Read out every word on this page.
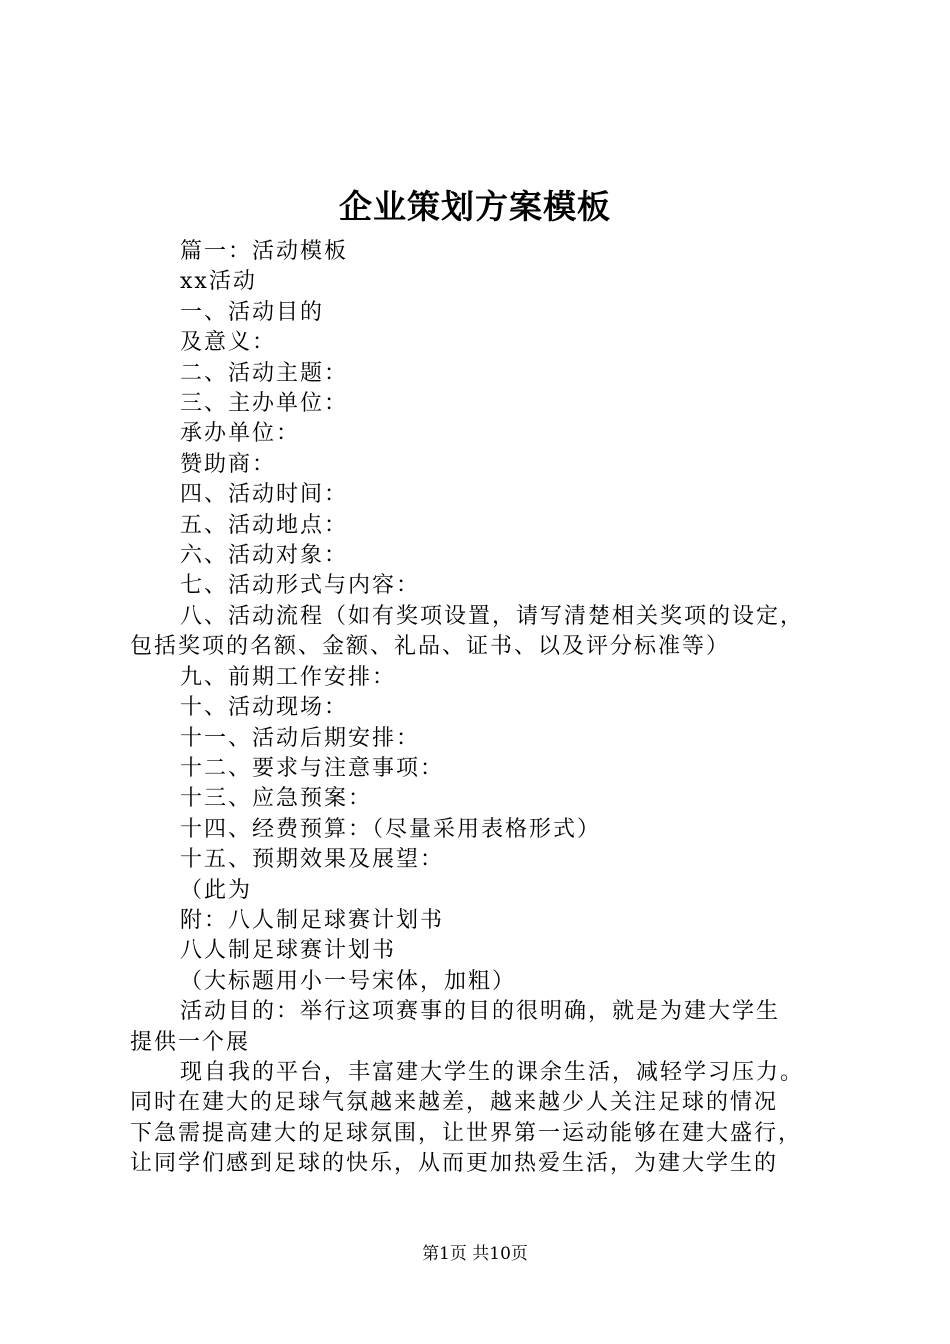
企业策划方案模板

篇一：活动模板

xx活动

一、活动目的

及意义：

二、活动主题：

三、主办单位：

承办单位：

赞助商：

四、活动时间：

五、活动地点：

六、活动对象：

七、活动形式与内容：

八、活动流程（如有奖项设置，请写清楚相关奖项的设定，

包括奖项的名额、金额、礼品、证书、以及评分标准等）

九、前期工作安排：

十、活动现场：

十一、活动后期安排：

十二、要求与注意事项：

十三、应急预案：

十四、经费预算：（尽量采用表格形式）

十五、预期效果及展望：

（此为

附：八人制足球赛计划书

八人制足球赛计划书

（大标题用小一号宋体，加粗）

活动目的：举行这项赛事的目的很明确，就是为建大学生

提供一个展

现自我的平台，丰富建大学生的课余生活，减轻学习压力。

同时在建大的足球气氛越来越差，越来越少人关注足球的情况

下急需提高建大的足球氛围，让世界第一运动能够在建大盛行，

让同学们感到足球的快乐，从而更加热爱生活，为建大学生的

第1页 共10页
